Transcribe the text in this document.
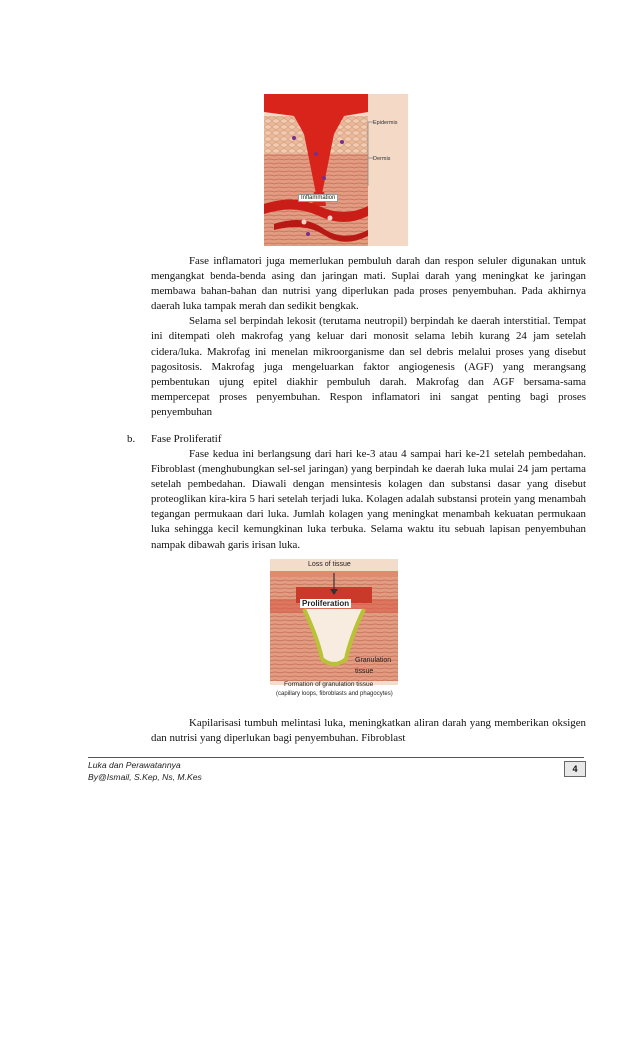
Epidermis
Dermis
Inflammation

Fase inflamatori juga memerlukan pembuluh darah dan respon seluler digunakan untuk mengangkat benda-benda asing dan jaringan mati. Suplai darah yang meningkat ke jaringan membawa bahan-bahan dan nutrisi yang diperlukan pada proses penyembuhan. Pada akhirnya daerah luka tampak merah dan sedikit bengkak.

Selama sel berpindah lekosit (terutama neutropil) berpindah ke daerah interstitial. Tempat ini ditempati oleh makrofag yang keluar dari monosit selama lebih kurang 24 jam setelah cidera/luka. Makrofag ini menelan mikroorganisme dan sel debris melalui proses yang disebut pagositosis. Makrofag juga mengeluarkan faktor angiogenesis (AGF) yang merangsang pembentukan ujung epitel diakhir pembuluh darah. Makrofag dan AGF bersama-sama mempercepat proses penyembuhan. Respon inflamatori ini sangat penting bagi proses penyembuhan

b. Fase Proliferatif

Fase kedua ini berlangsung dari hari ke-3 atau 4 sampai hari ke-21 setelah pembedahan. Fibroblast (menghubungkan sel-sel jaringan) yang berpindah ke daerah luka mulai 24 jam pertama setelah pembedahan. Diawali dengan mensintesis kolagen dan substansi dasar yang disebut proteoglikan kira-kira 5 hari setelah terjadi luka. Kolagen adalah substansi protein yang menambah tegangan permukaan dari luka. Jumlah kolagen yang meningkat menambah kekuatan permukaan luka sehingga kecil kemungkinan luka terbuka. Selama waktu itu sebuah lapisan penyembuhan nampak dibawah garis irisan luka.

Loss of tissue
Proliferation
Granulation
tissue
Formation of granulation tissue
(capillary loops, fibroblasts and phagocytes)

Kapilarisasi tumbuh melintasi luka, meningkatkan aliran darah yang memberikan oksigen dan nutrisi yang diperlukan bagi penyembuhan. Fibroblast

Luka dan Perawatannya
By@Ismail, S.Kep, Ns, M.Kes
4
